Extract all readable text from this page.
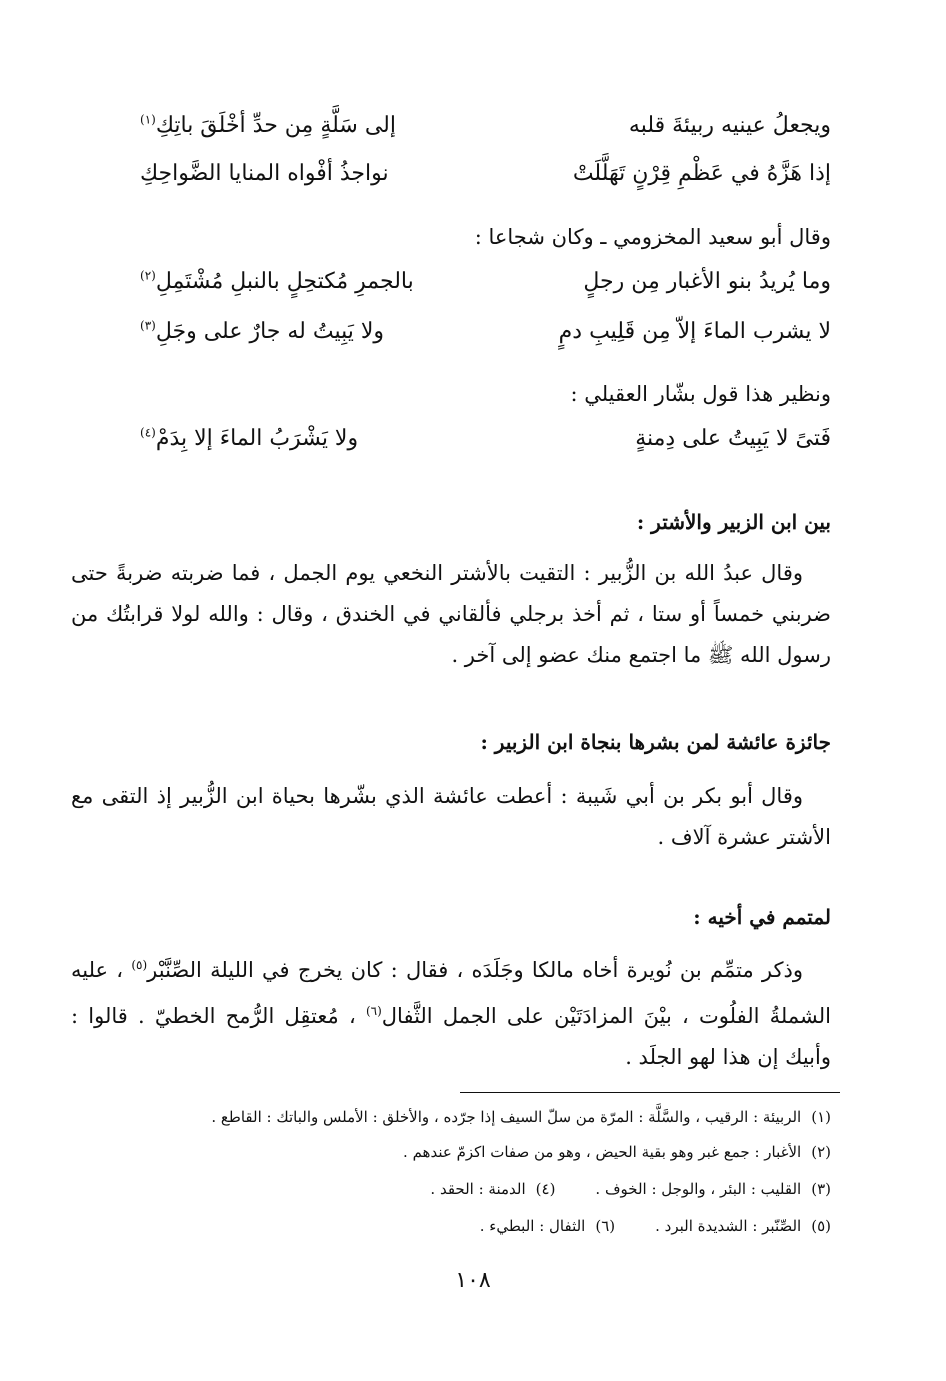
ويجعلُ عينيه ربيئةَ قلبه
إلى سَلَّةٍ مِن حدِّ أخْلَقَ باتِكِ$^{(١)}$
إذا هَزَّهُ في عَظْمِ قِرْنٍ تَهَلَّلَتْ
نواجذُ أفْواه المنايا الضَّواحِكِ
وقال أبو سعيد المخزومي ـ وكان شجاعا :
وما يُريدُ بنو الأغبار مِن رجلٍ
بالجمرِ مُكتحِلٍ بالنبلِ مُشْتَمِلِ$^{(٢)}$
لا يشرب الماءَ إلاّ مِن قَلِيبِ دمٍ
ولا يَبِيتُ له جارٌ على وجَلِ$^{(٣)}$
ونظير هذا قول بشّار العقيلي :
فَتىً لا يَبِيتُ على دِمنةٍ
ولا يَشْرَبُ الماءَ إلا بِدَمْ$^{(٤)}$
بين ابن الزبير والأشتر :
وقال عبدُ الله بن الزُّبير : التقيت بالأشتر النخعي يوم الجمل ، فما ضربته ضربةً حتى ضربني خمساً أو ستا ، ثم أخذ برجلي فألقاني في الخندق ، وقال : والله لولا قرابتُك من رسول الله ﷺ ما اجتمع منك عضو إلى آخر .
جائزة عائشة لمن بشرها بنجاة ابن الزبير :
وقال أبو بكر بن أبي شَيبة : أعطت عائشة الذي بشّرها بحياة ابن الزُّبير إذ التقى مع الأشتر عشرة آلاف .
لمتمم في أخيه :
وذكر متمِّم بن نُويرة أخاه مالكا وجَلَدَه ، فقال : كان يخرج في الليلة الصِّنَّبْر$^{(٥)}$ ، عليه الشملةُ الفلُوت ، بيْنَ المزادَتَيْن على الجمل الثَّفال$^{(٦)}$ ، مُعتقِل الرُّمح الخطيّ . قالوا : وأبيك إن هذا لهو الجلَد .
(١)الربيئة : الرقيب ، والسَّلَّة : المرّة من سلّ السيف إذا جرّده ، والأخلق : الأملس والباتك : القاطع .
(٢)الأغبار : جمع غبر وهو بقية الحيض ، وهو من صفات اكزمّ عندهم .
(٣)القليب : البئر ، والوجل : الخوف .(٤)الدمنة : الحقد .
(٥)الصِّنّبر : الشديدة البرد .(٦)الثفال : البطيء .
١٠٨
